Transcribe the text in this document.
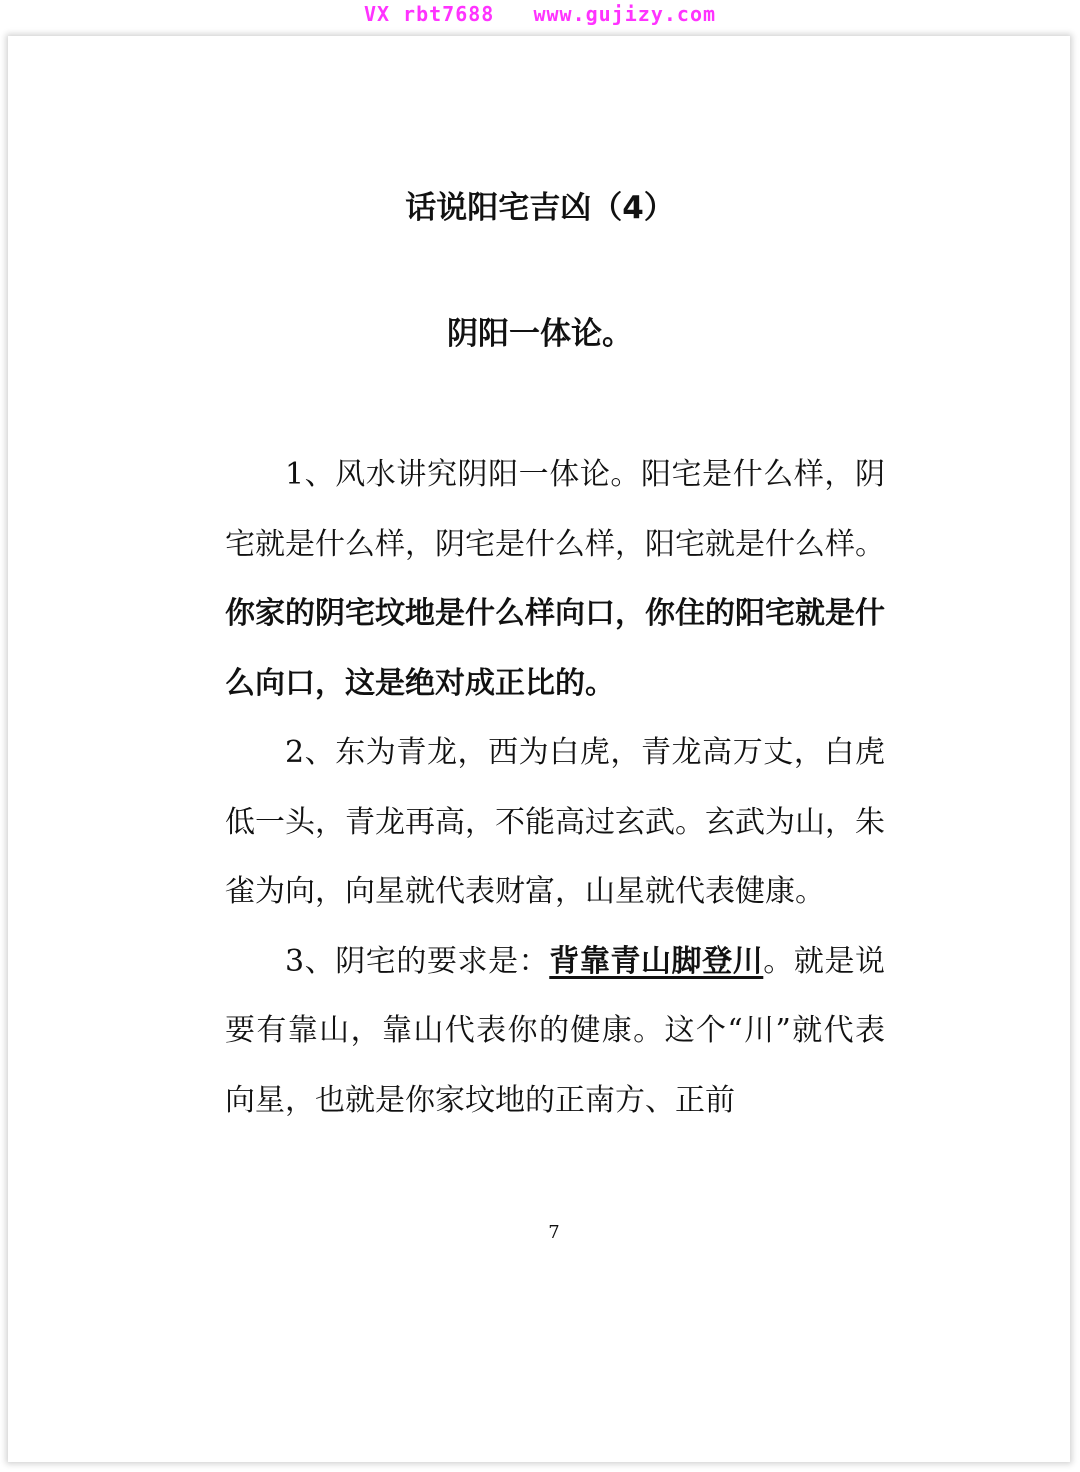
VX rbt7688   www.gujizy.com
话说阳宅吉凶（4）
阴阳一体论。

1、风水讲究阴阳一体论。阳宅是什么样，阴宅就是什么样，阴宅是什么样，阳宅就是什么样。你家的阴宅坟地是什么样向口，你住的阳宅就是什么向口，这是绝对成正比的。

2、东为青龙，西为白虎，青龙高万丈，白虎低一头，青龙再高，不能高过玄武。玄武为山，朱雀为向，向星就代表财富，山星就代表健康。

3、阴宅的要求是：背靠青山脚登川。就是说要有靠山，靠山代表你的健康。这个“川”就代表向星，也就是你家坟地的正南方、正前

7
